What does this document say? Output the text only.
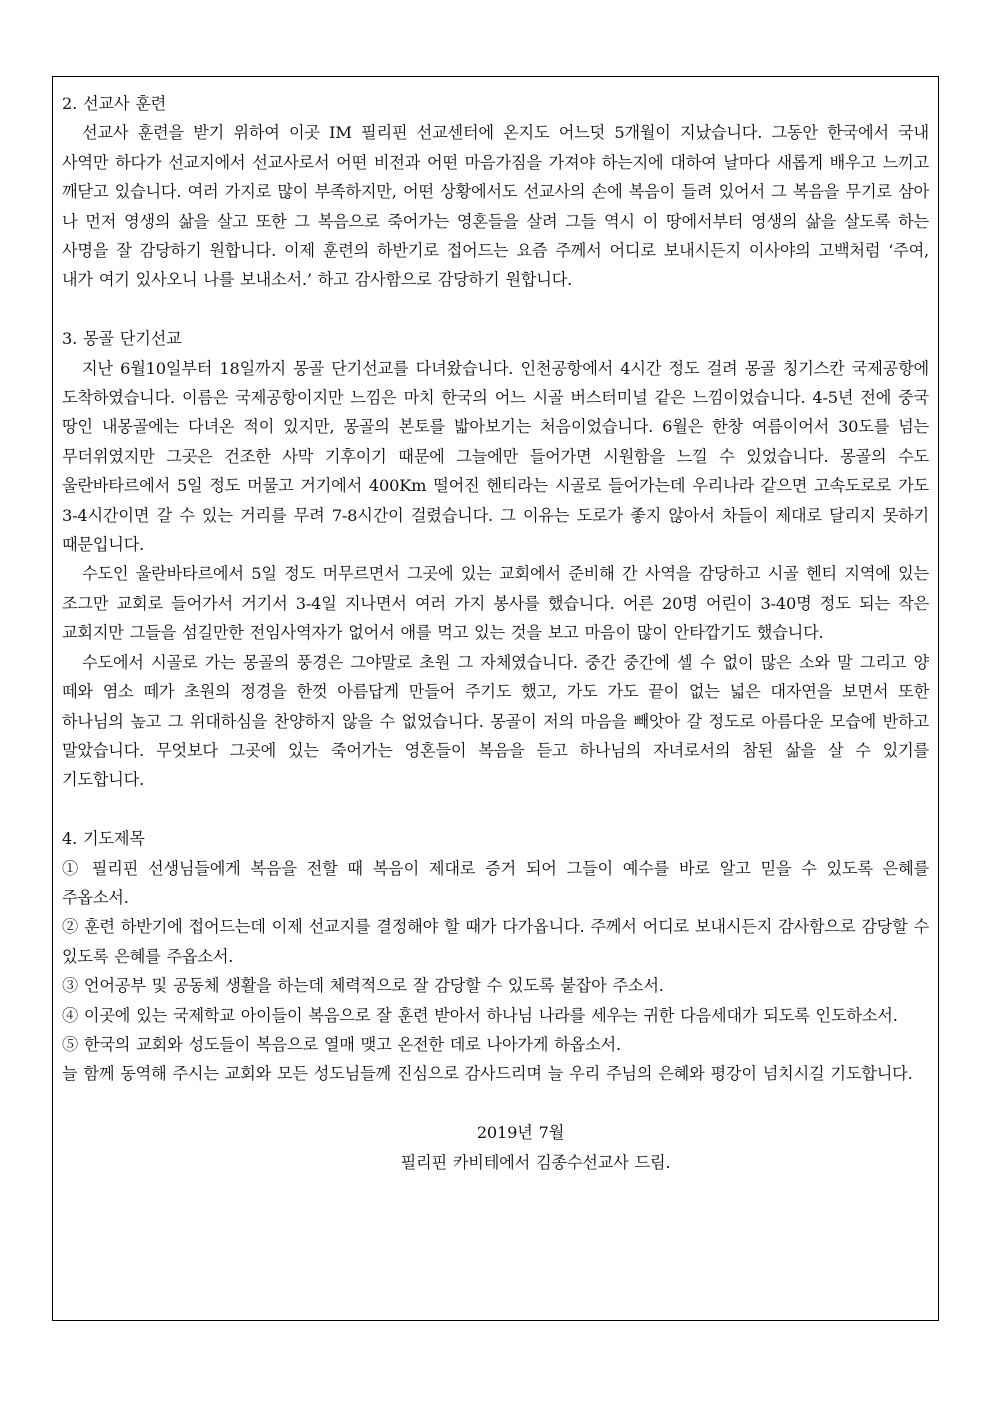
2. 선교사 훈련

선교사 훈련을 받기 위하여 이곳 IM 필리핀 선교센터에 온지도 어느덧 5개월이 지났습니다. 그동안 한국에서 국내 사역만 하다가 선교지에서 선교사로서 어떤 비전과 어떤 마음가짐을 가져야 하는지에 대하여 날마다 새롭게 배우고 느끼고 깨닫고 있습니다. 여러 가지로 많이 부족하지만, 어떤 상황에서도 선교사의 손에 복음이 들려 있어서 그 복음을 무기로 삼아 나 먼저 영생의 삶을 살고 또한 그 복음으로 죽어가는 영혼들을 살려 그들 역시 이 땅에서부터 영생의 삶을 살도록 하는 사명을 잘 감당하기 원합니다. 이제 훈련의 하반기로 접어드는 요즘 주께서 어디로 보내시든지 이사야의 고백처럼 ‘주여, 내가 여기 있사오니 나를 보내소서.’ 하고 감사함으로 감당하기 원합니다.

3. 몽골 단기선교

지난 6월10일부터 18일까지 몽골 단기선교를 다녀왔습니다. 인천공항에서 4시간 정도 걸려 몽골 칭기스칸 국제공항에 도착하였습니다. 이름은 국제공항이지만 느낌은 마치 한국의 어느 시골 버스터미널 같은 느낌이었습니다. 4-5년 전에 중국 땅인 내몽골에는 다녀온 적이 있지만, 몽골의 본토를 밟아보기는 처음이었습니다. 6월은 한창 여름이어서 30도를 넘는 무더위였지만 그곳은 건조한 사막 기후이기 때문에 그늘에만 들어가면 시원함을 느낄 수 있었습니다. 몽골의 수도 울란바타르에서 5일 정도 머물고 거기에서 400Km 떨어진 헨티라는 시골로 들어가는데 우리나라 같으면 고속도로로 가도 3-4시간이면 갈 수 있는 거리를 무려 7-8시간이 걸렸습니다. 그 이유는 도로가 좋지 않아서 차들이 제대로 달리지 못하기 때문입니다.

수도인 울란바타르에서 5일 정도 머무르면서 그곳에 있는 교회에서 준비해 간 사역을 감당하고 시골 헨티 지역에 있는 조그만 교회로 들어가서 거기서 3-4일 지나면서 여러 가지 봉사를 했습니다. 어른 20명 어린이 3-40명 정도 되는 작은 교회지만 그들을 섬길만한 전임사역자가 없어서 애를 먹고 있는 것을 보고 마음이 많이 안타깝기도 했습니다.

수도에서 시골로 가는 몽골의 풍경은 그야말로 초원 그 자체였습니다. 중간 중간에 셀 수 없이 많은 소와 말 그리고 양 떼와 염소 떼가 초원의 정경을 한껏 아름답게 만들어 주기도 했고, 가도 가도 끝이 없는 넓은 대자연을 보면서 또한 하나님의 높고 그 위대하심을 찬양하지 않을 수 없었습니다. 몽골이 저의 마음을 빼앗아 갈 정도로 아름다운 모습에 반하고 말았습니다. 무엇보다 그곳에 있는 죽어가는 영혼들이 복음을 듣고 하나님의 자녀로서의 참된 삶을 살 수 있기를 기도합니다.

4. 기도제목

① 필리핀 선생님들에게 복음을 전할 때 복음이 제대로 증거 되어 그들이 예수를 바로 알고 믿을 수 있도록 은혜를 주옵소서.

② 훈련 하반기에 접어드는데 이제 선교지를 결정해야 할 때가 다가옵니다. 주께서 어디로 보내시든지 감사함으로 감당할 수 있도록 은혜를 주옵소서.

③ 언어공부 및 공동체 생활을 하는데 체력적으로 잘 감당할 수 있도록 붙잡아 주소서.

④ 이곳에 있는 국제학교 아이들이 복음으로 잘 훈련 받아서 하나님 나라를 세우는 귀한 다음세대가 되도록 인도하소서.

⑤ 한국의 교회와 성도들이 복음으로 열매 맺고 온전한 데로 나아가게 하옵소서.

늘 함께 동역해 주시는 교회와 모든 성도님들께 진심으로 감사드리며 늘 우리 주님의 은혜와 평강이 넘치시길 기도합니다.

2019년 7월

필리핀 카비테에서 김종수선교사 드림.
